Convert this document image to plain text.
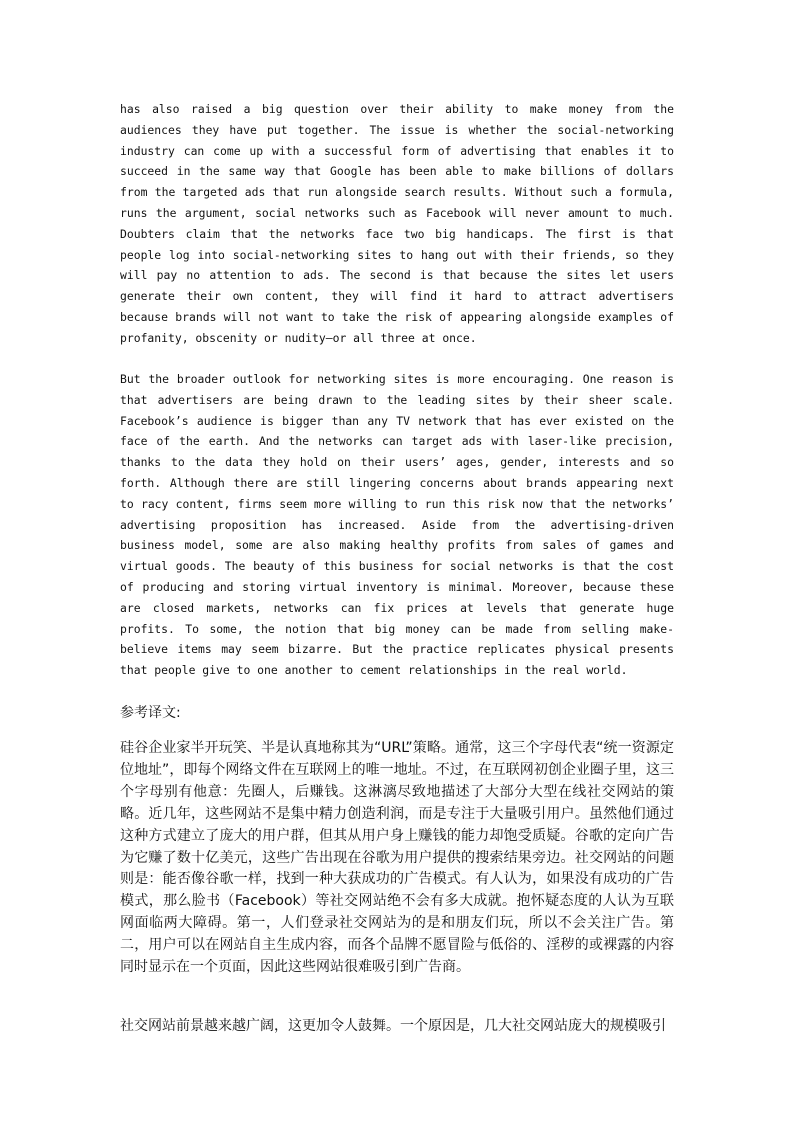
has also raised a big question over their ability to make money from the audiences they have put together. The issue is whether the social-networking industry can come up with a successful form of advertising that enables it to succeed in the same way that Google has been able to make billions of dollars from the targeted ads that run alongside search results. Without such a formula, runs the argument, social networks such as Facebook will never amount to much. Doubters claim that the networks face two big handicaps. The first is that people log into social-networking sites to hang out with their friends, so they will pay no attention to ads. The second is that because the sites let users generate their own content, they will find it hard to attract advertisers because brands will not want to take the risk of appearing alongside examples of profanity, obscenity or nudity—or all three at once.

But the broader outlook for networking sites is more encouraging. One reason is that advertisers are being drawn to the leading sites by their sheer scale. Facebook’s audience is bigger than any TV network that has ever existed on the face of the earth. And the networks can target ads with laser-like precision, thanks to the data they hold on their users’ ages, gender, interests and so forth. Although there are still lingering concerns about brands appearing next to racy content, firms seem more willing to run this risk now that the networks’ advertising proposition has increased. Aside from the advertising-driven business model, some are also making healthy profits from sales of games and virtual goods. The beauty of this business for social networks is that the cost of producing and storing virtual inventory is minimal. Moreover, because these are closed markets, networks can fix prices at levels that generate huge profits. To some, the notion that big money can be made from selling make-believe items may seem bizarre. But the practice replicates physical presents that people give to one another to cement relationships in the real world.

参考译文:

硅谷企业家半开玩笑、半是认真地称其为“URL”策略。通常，这三个字母代表“统一资源定位地址”，即每个网络文件在互联网上的唯一地址。不过，在互联网初创企业圈子里，这三个字母别有他意：先圈人，后赚钱。这淋漓尽致地描述了大部分大型在线社交网站的策略。近几年，这些网站不是集中精力创造利润，而是专注于大量吸引用户。虽然他们通过这种方式建立了庞大的用户群，但其从用户身上赚钱的能力却饱受质疑。谷歌的定向广告为它赚了数十亿美元，这些广告出现在谷歌为用户提供的搜索结果旁边。社交网站的问题则是：能否像谷歌一样，找到一种大获成功的广告模式。有人认为，如果没有成功的广告模式，那么脸书（Facebook）等社交网站绝不会有多大成就。抱怀疑态度的人认为互联网面临两大障碍。第一，人们登录社交网站为的是和朋友们玩，所以不会关注广告。第二，用户可以在网站自主生成内容，而各个品牌不愿冒险与低俗的、淫秽的或裸露的内容同时显示在一个页面，因此这些网站很难吸引到广告商。

社交网站前景越来越广阔，这更加令人鼓舞。一个原因是，几大社交网站庞大的规模吸引
